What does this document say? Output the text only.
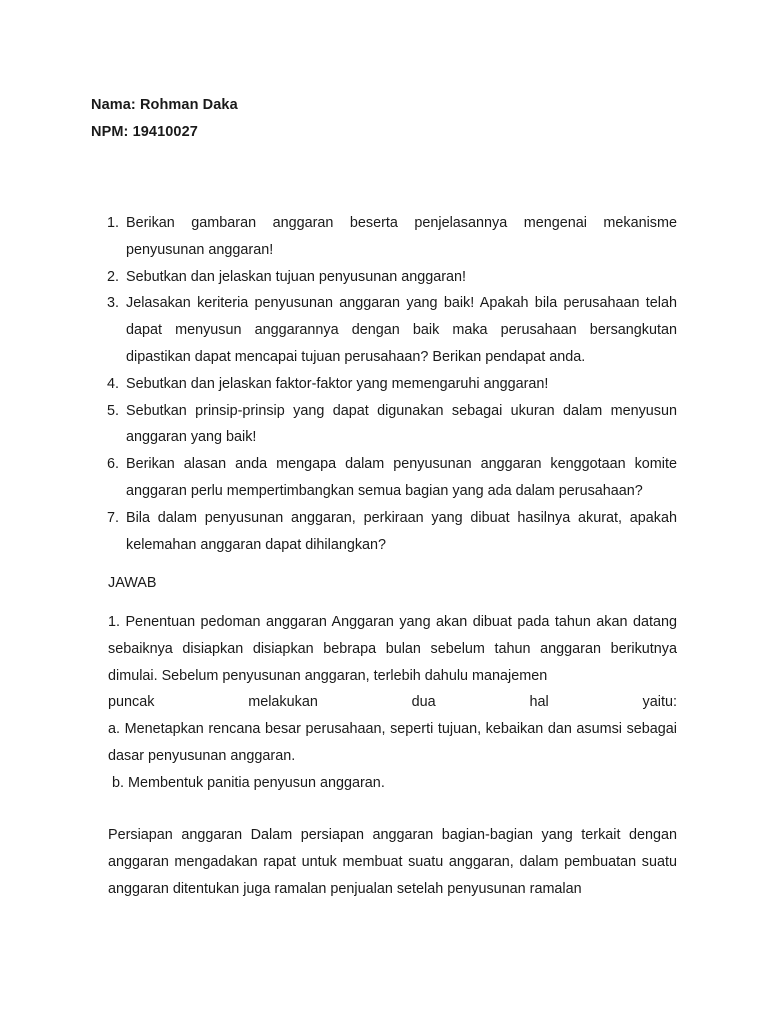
Nama: Rohman Daka
NPM: 19410027
1. Berikan gambaran anggaran beserta penjelasannya mengenai mekanisme penyusunan anggaran!
2. Sebutkan dan jelaskan tujuan penyusunan anggaran!
3. Jelasakan keriteria penyusunan anggaran yang baik! Apakah bila perusahaan telah dapat menyusun anggarannya dengan baik maka perusahaan bersangkutan dipastikan dapat mencapai tujuan perusahaan? Berikan pendapat anda.
4. Sebutkan dan jelaskan faktor-faktor yang memengaruhi anggaran!
5. Sebutkan prinsip-prinsip yang dapat digunakan sebagai ukuran dalam menyusun anggaran yang baik!
6. Berikan alasan anda mengapa dalam penyusunan anggaran kenggotaan komite anggaran perlu mempertimbangkan semua bagian yang ada dalam perusahaan?
7. Bila dalam penyusunan anggaran, perkiraan yang dibuat hasilnya akurat, apakah kelemahan anggaran dapat dihilangkan?
JAWAB
1. Penentuan pedoman anggaran Anggaran yang akan dibuat pada tahun akan datang sebaiknya disiapkan disiapkan bebrapa bulan sebelum tahun anggaran berikutnya dimulai. Sebelum penyusunan anggaran, terlebih dahulu manajemen
puncak	melakukan	dua	hal	yaitu:
a. Menetapkan rencana besar perusahaan, seperti tujuan, kebaikan dan asumsi sebagai dasar penyusunan anggaran.
b. Membentuk panitia penyusun anggaran.
Persiapan anggaran Dalam persiapan anggaran bagian-bagian yang terkait dengan anggaran mengadakan rapat untuk membuat suatu anggaran, dalam pembuatan suatu anggaran ditentukan juga ramalan penjualan setelah penyusunan ramalan
